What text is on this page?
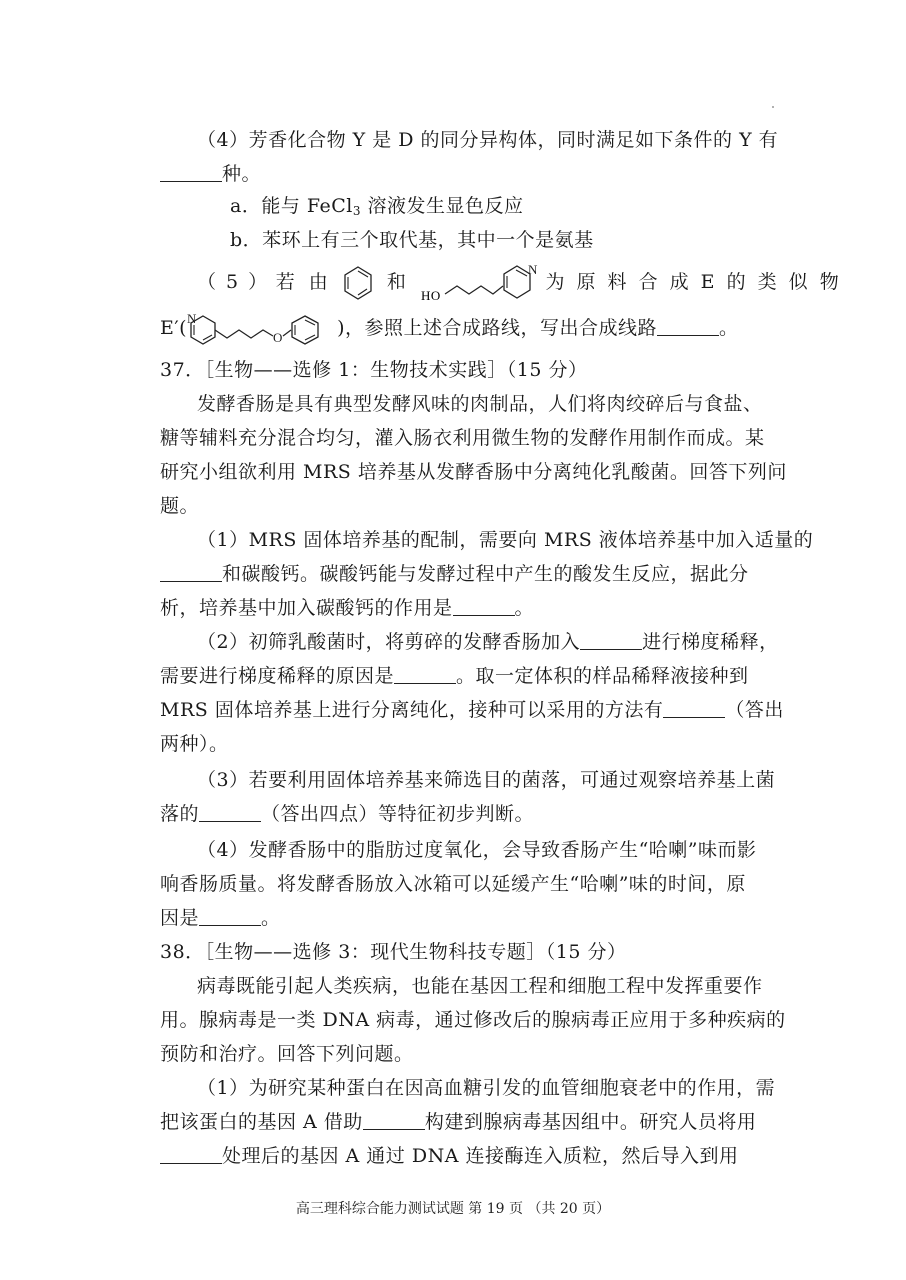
（4）芳香化合物 Y 是 D 的同分异构体，同时满足如下条件的 Y 有
种。
a．能与 FeCl$_3$ 溶液发生显色反应
b．苯环上有三个取代基，其中一个是氨基
（ 5 ） 若 由	和
HO
N
为 原 料 合 成 E 的 类 似 物
E′( N
O	)，参照上述合成路线，写出合成线路	。
37．［生物——选修 1：生物技术实践］（15 分）
发酵香肠是具有典型发酵风味的肉制品，人们将肉绞碎后与食盐、
糖等辅料充分混合均匀，灌入肠衣利用微生物的发酵作用制作而成。某
研究小组欲利用 MRS 培养基从发酵香肠中分离纯化乳酸菌。回答下列问
题。
（1）MRS 固体培养基的配制，需要向 MRS 液体培养基中加入适量的
和碳酸钙。碳酸钙能与发酵过程中产生的酸发生反应，据此分
析，培养基中加入碳酸钙的作用是	。
（2）初筛乳酸菌时，将剪碎的发酵香肠加入	进行梯度稀释，
需要进行梯度稀释的原因是	。取一定体积的样品稀释液接种到
MRS 固体培养基上进行分离纯化，接种可以采用的方法有	（答出
两种）。
（3）若要利用固体培养基来筛选目的菌落，可通过观察培养基上菌
落的	（答出四点）等特征初步判断。
（4）发酵香肠中的脂肪过度氧化，会导致香肠产生“哈喇”味而影
响香肠质量。将发酵香肠放入冰箱可以延缓产生“哈喇”味的时间，原
因是	。
38．［生物——选修 3：现代生物科技专题］（15 分）
病毒既能引起人类疾病，也能在基因工程和细胞工程中发挥重要作
用。腺病毒是一类 DNA 病毒，通过修改后的腺病毒正应用于多种疾病的
预防和治疗。回答下列问题。
（1）为研究某种蛋白在因高血糖引发的血管细胞衰老中的作用，需
把该蛋白的基因 A 借助	构建到腺病毒基因组中。研究人员将用
处理后的基因 A 通过 DNA 连接酶连入质粒，然后导入到用
高三理科综合能力测试试题 第 19 页 （共 20 页）
